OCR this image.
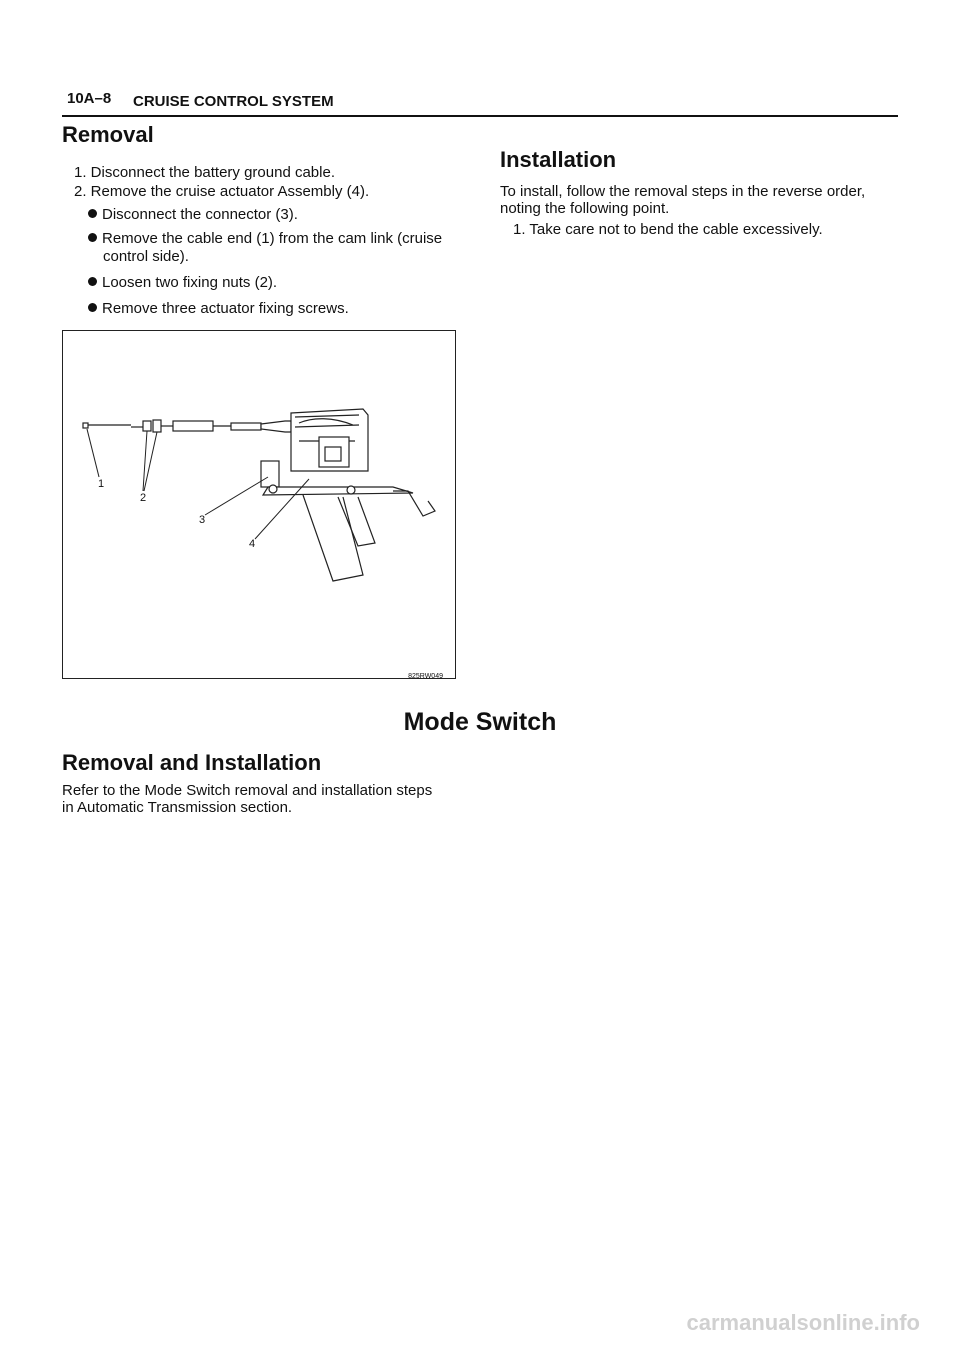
10A–8 CRUISE CONTROL SYSTEM
Removal
1. Disconnect the battery ground cable.
2. Remove the cruise actuator Assembly (4).
Disconnect the connector (3).
Remove the cable end (1) from the cam link (cruise
control side).
Loosen two fixing nuts (2).
Remove three actuator fixing screws.
1
2
3
4
825RW049
Installation
To install, follow the removal steps in the reverse order,
noting the following point.
1. Take care not to bend the cable excessively.
Mode Switch
Removal and Installation
Refer to the Mode Switch removal and installation steps
in Automatic Transmission section.
carmanualsonline.info
